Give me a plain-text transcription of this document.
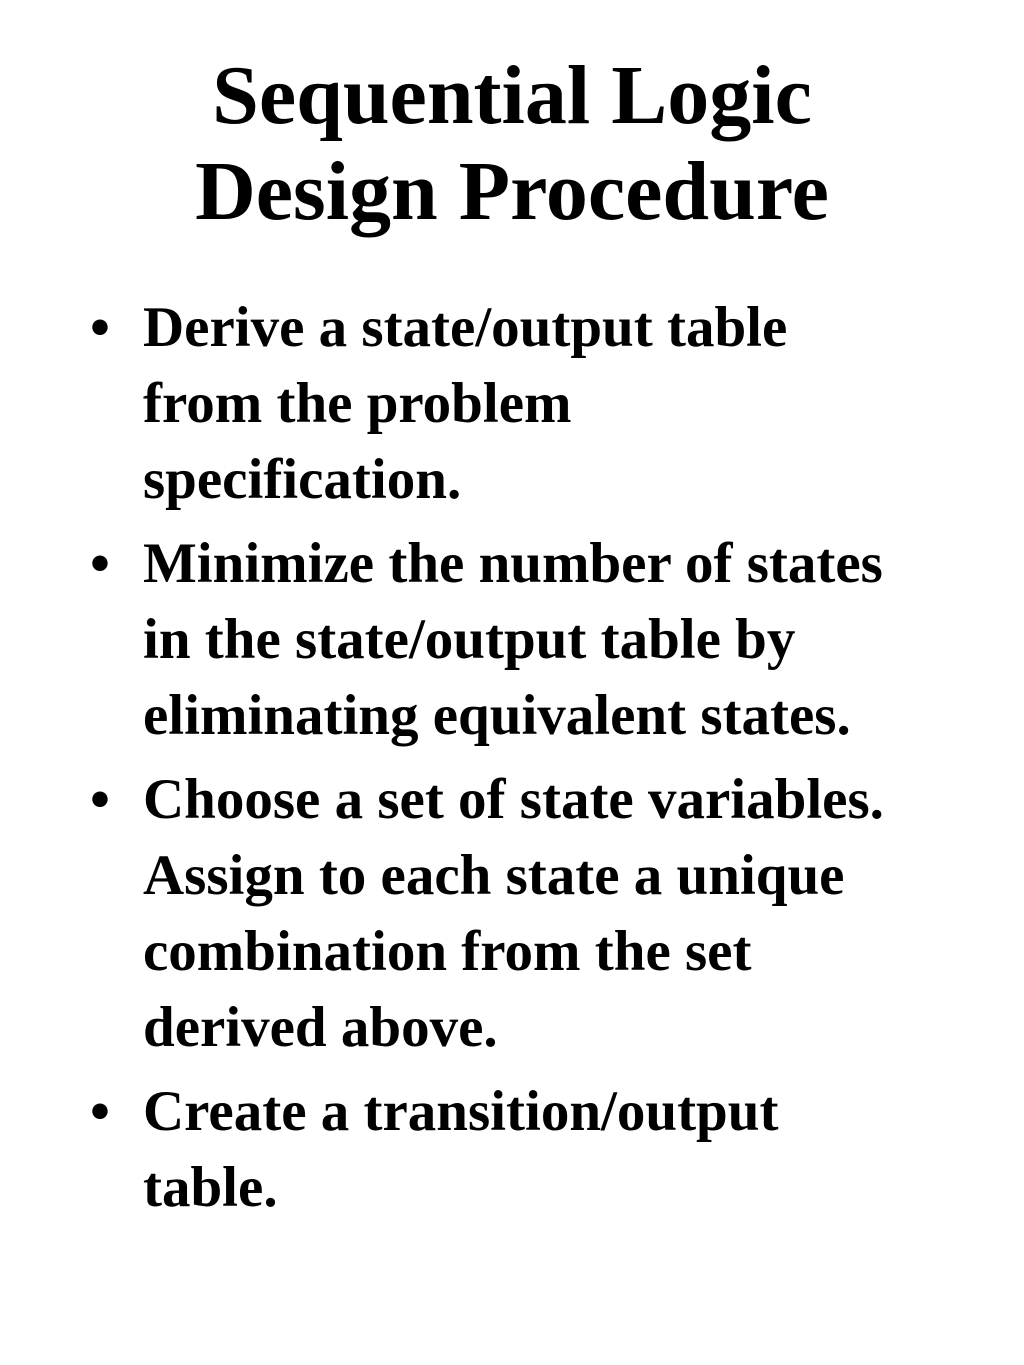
Sequential Logic
Design Procedure
• Derive a state/output table
from the problem
specification.
• Minimize the number of states
in the state/output table by
eliminating equivalent states.
• Choose a set of state variables.
Assign to each state a unique
combination from the set
derived above.
• Create a transition/output
table.
